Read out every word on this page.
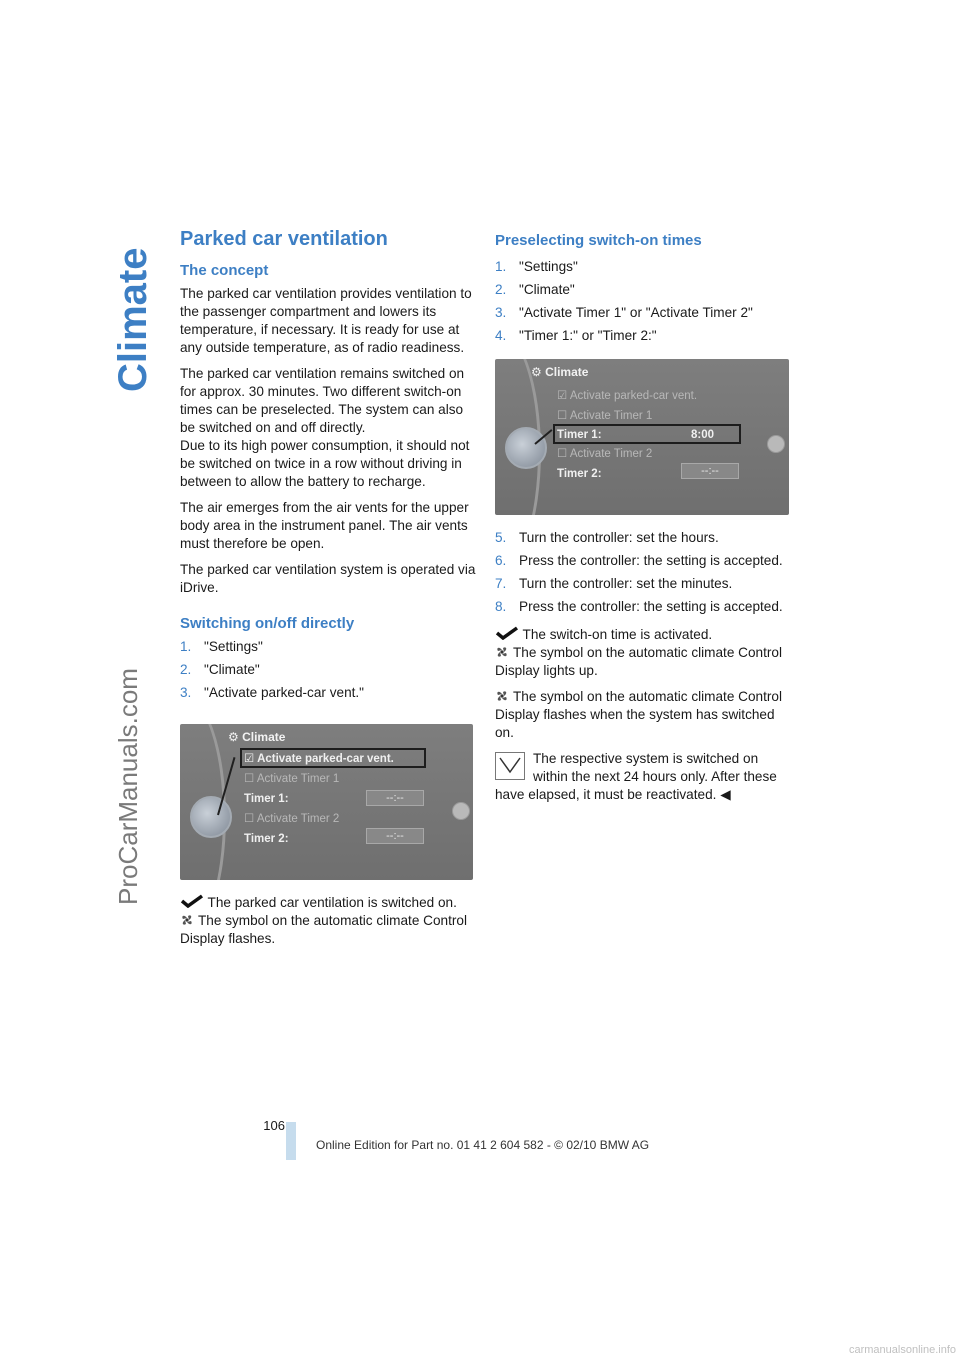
Climate
ProCarManuals.com
Parked car ventilation
The concept

The parked car ventilation provides ventilation to the passenger compartment and lowers its temperature, if necessary. It is ready for use at any outside temperature, as of radio readiness.

The parked car ventilation remains switched on for approx. 30 minutes. Two different switch-on times can be preselected. The system can also be switched on and off directly.
Due to its high power consumption, it should not be switched on twice in a row without driving in between to allow the battery to recharge.

The air emerges from the air vents for the upper body area in the instrument panel. The air vents must therefore be open.

The parked car ventilation system is operated via iDrive.

Switching on/off directly
1. "Settings"
2. "Climate"
3. "Activate parked-car vent."
⚙ Climate
☑ Activate parked-car vent.
☐ Activate Timer 1
Timer 1:	--:--
☐ Activate Timer 2
Timer 2:	--:--

The parked car ventilation is switched on.

The symbol on the automatic climate Control Display flashes.

Preselecting switch-on times
1. "Settings"
2. "Climate"
3. "Activate Timer 1" or "Activate Timer 2"
4. "Timer 1:" or "Timer 2:"
⚙ Climate
☑ Activate parked-car vent.
☐ Activate Timer 1
Timer 1:	8:00
☐ Activate Timer 2
Timer 2:	--:--
5. Turn the controller: set the hours.
6. Press the controller: the setting is accepted.
7. Turn the controller: set the minutes.
8. Press the controller: the setting is accepted.

The switch-on time is activated.

The symbol on the automatic climate Control Display lights up.

The symbol on the automatic climate Control Display flashes when the system has switched on.

The respective system is switched on within the next 24 hours only. After these have elapsed, it must be reactivated. ◀
106
Online Edition for Part no. 01 41 2 604 582 - © 02/10 BMW AG
carmanualsonline.info
